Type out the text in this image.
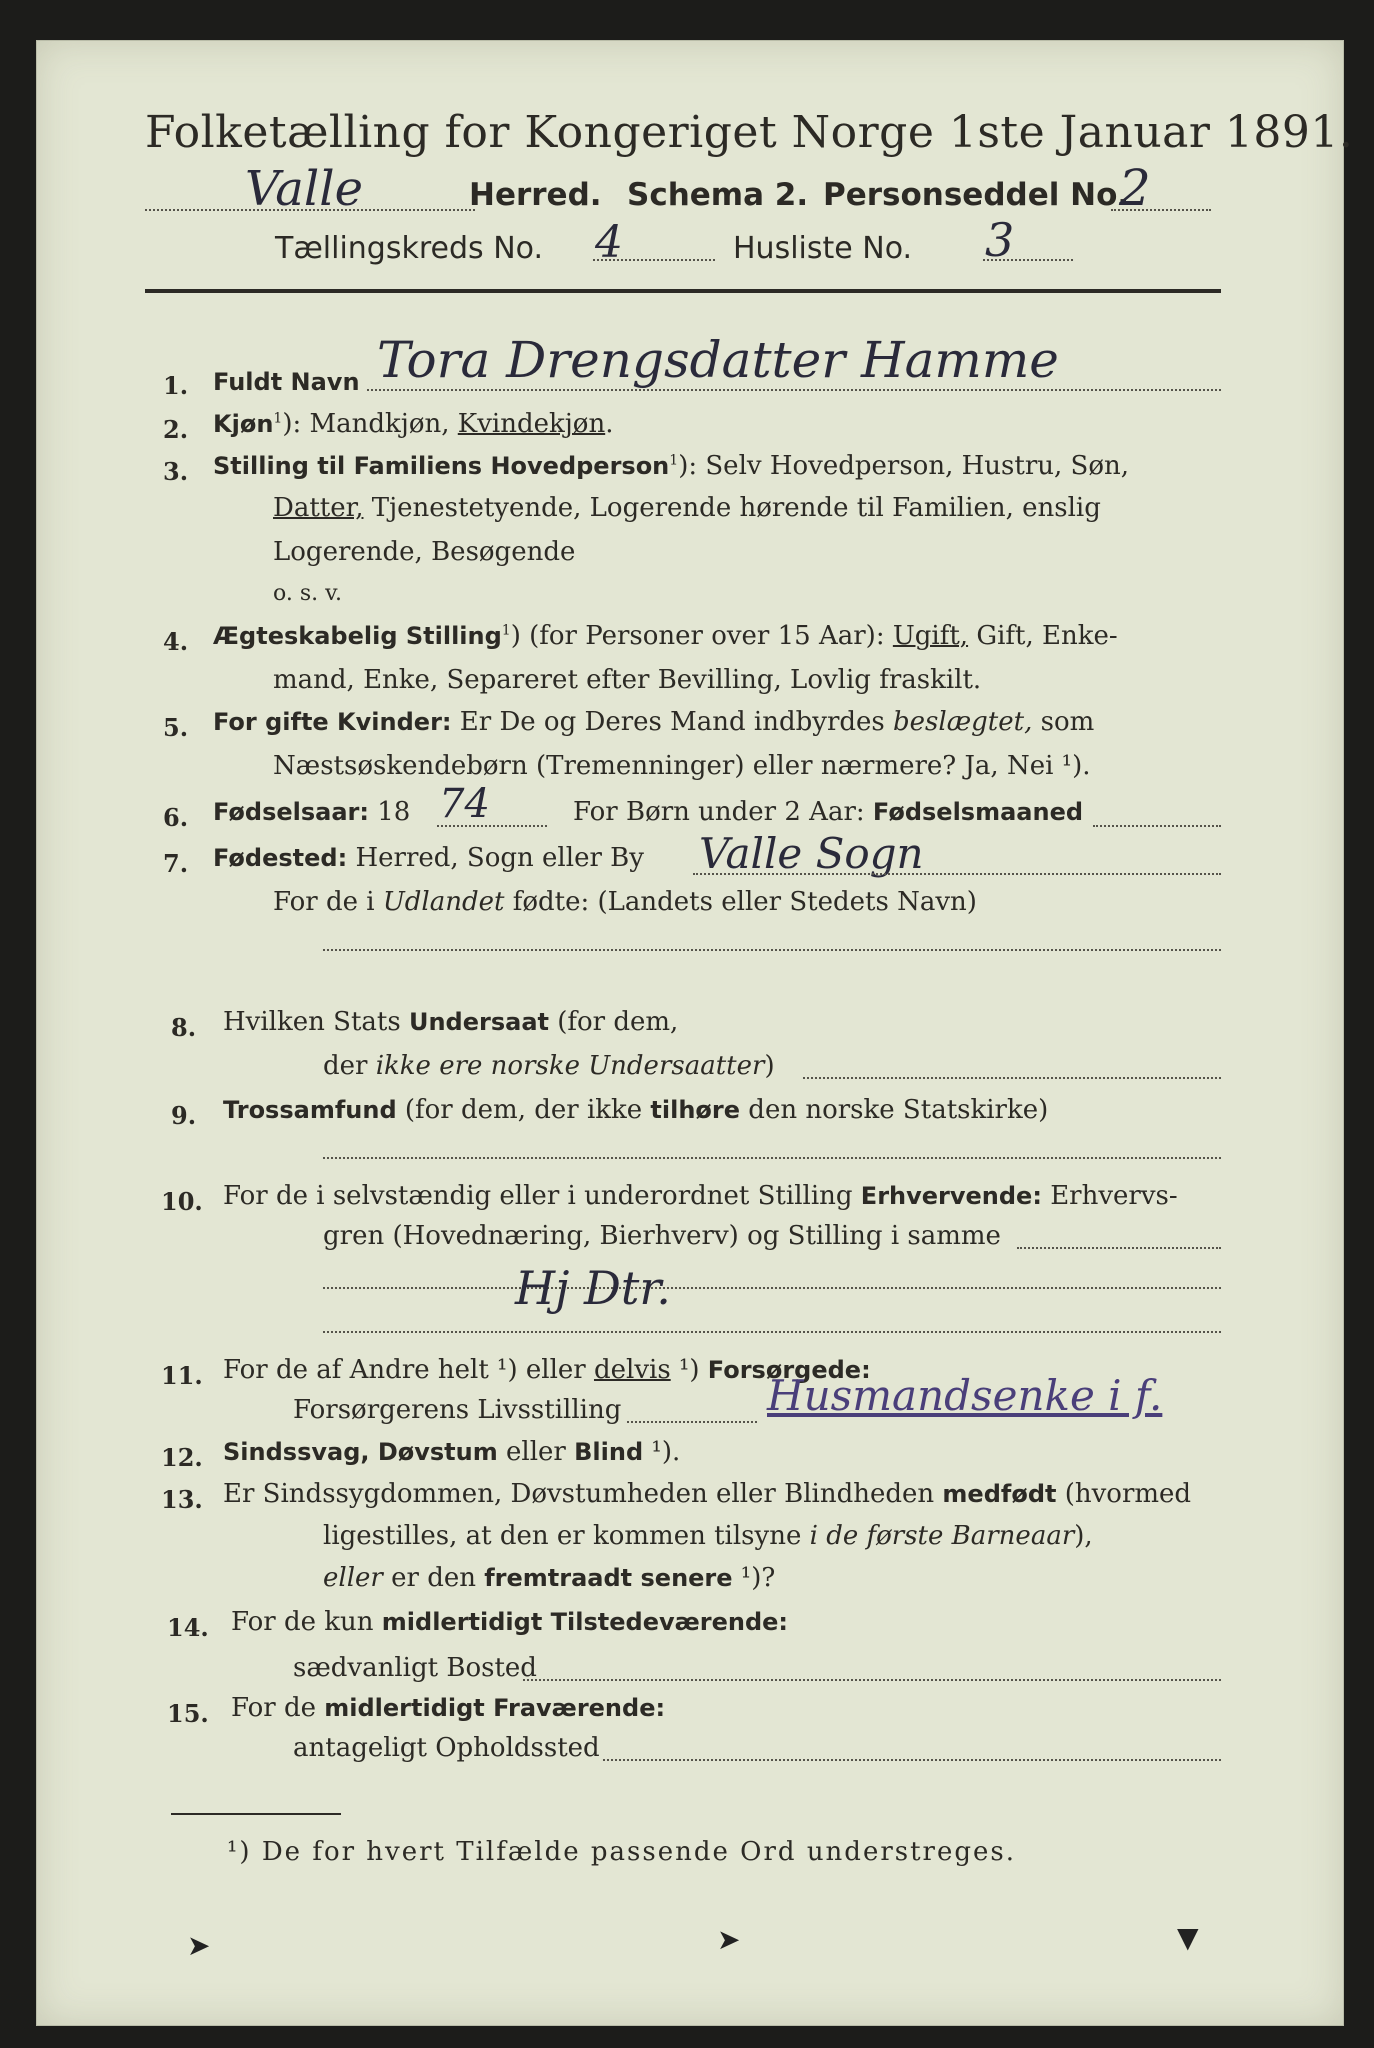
Folketælling for Kongeriget Norge 1ste Januar 1891.
Valle	Herred. Schema 2. Personseddel No.
2
Tællingskreds No. 4	Husliste No. 3
1. Fuldt Navn Tora Drengsdatter Hamme
2. Kjøn$^1$): Mandkjøn, Kvindekjøn.
3. Stilling til Familiens Hovedperson$^1$): Selv Hovedperson, Hustru, Søn,
Datter, Tjenestetyende, Logerende hørende til Familien, enslig
Logerende, Besøgende
o. s. v.
4. Ægteskabelig Stilling$^1$) (for Personer over 15 Aar): Ugift, Gift, Enke-
mand, Enke, Separeret efter Bevilling, Lovlig fraskilt.
5. For gifte Kvinder: Er De og Deres Mand indbyrdes beslægtet, som
Næstsøskendebørn (Tremenninger) eller nærmere? Ja, Nei ¹).
6. Fødselsaar: 18 74	For Børn under 2 Aar: Fødselsmaaned
7. Fødested: Herred, Sogn eller By Valle Sogn
For de i Udlandet fødte: (Landets eller Stedets Navn)
8. Hvilken Stats Undersaat (for dem,
der ikke ere norske Undersaatter)
9. Trossamfund (for dem, der ikke tilhøre den norske Statskirke)
10. For de i selvstændig eller i underordnet Stilling Erhvervende: Erhvervs-
gren (Hovednæring, Bierhverv) og Stilling i samme
Hj Dtr.
11. For de af Andre helt ¹) eller delvis ¹) Forsørgede:
Forsørgerens Livsstilling	Husmandsenke i f.
12. Sindssvag, Døvstum eller Blind ¹).
13. Er Sindssygdommen, Døvstumheden eller Blindheden medfødt (hvormed
ligestilles, at den er kommen tilsyne i de første Barneaar),
eller er den fremtraadt senere ¹)?
14. For de kun midlertidigt Tilstedeværende:
sædvanligt Bosted
15. For de midlertidigt Fraværende:
antageligt Opholdssted
¹) De for hvert Tilfælde passende Ord understreges.
➤	➤	▼
